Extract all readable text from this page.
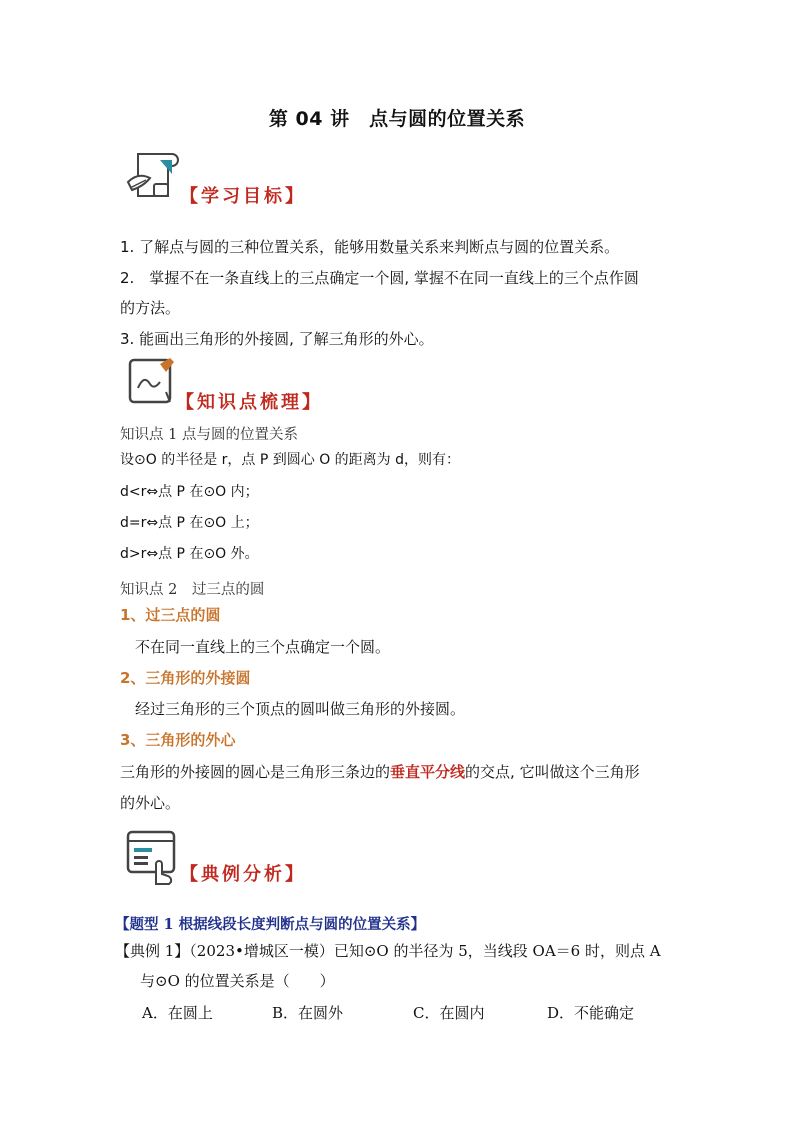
第 04 讲　点与圆的位置关系
【学习目标】
1. 了解点与圆的三种位置关系，能够用数量关系来判断点与圆的位置关系。
2.　掌握不在一条直线上的三点确定一个圆, 掌握不在同一直线上的三个点作圆
的方法。
3. 能画出三角形的外接圆, 了解三角形的外心。
【知识点梳理】
知识点 1 点与圆的位置关系
设⊙O 的半径是 r，点 P 到圆心 O 的距离为 d，则有：
d<r⇔点 P 在⊙O 内；
d=r⇔点 P 在⊙O 上；
d>r⇔点 P 在⊙O 外。
知识点 2　过三点的圆
1、过三点的圆
不在同一直线上的三个点确定一个圆。
2、三角形的外接圆
经过三角形的三个顶点的圆叫做三角形的外接圆。
3、三角形的外心
三角形的外接圆的圆心是三角形三条边的垂直平分线的交点, 它叫做这个三角形
的外心。
【典例分析】
【题型 1 根据线段长度判断点与圆的位置关系】
【典例 1】（2023•增城区一模）已知⊙O 的半径为 5，当线段 OA＝6 时，则点 A
与⊙O 的位置关系是（　　）
A．在圆上	B．在圆外	C．在圆内	D．不能确定
